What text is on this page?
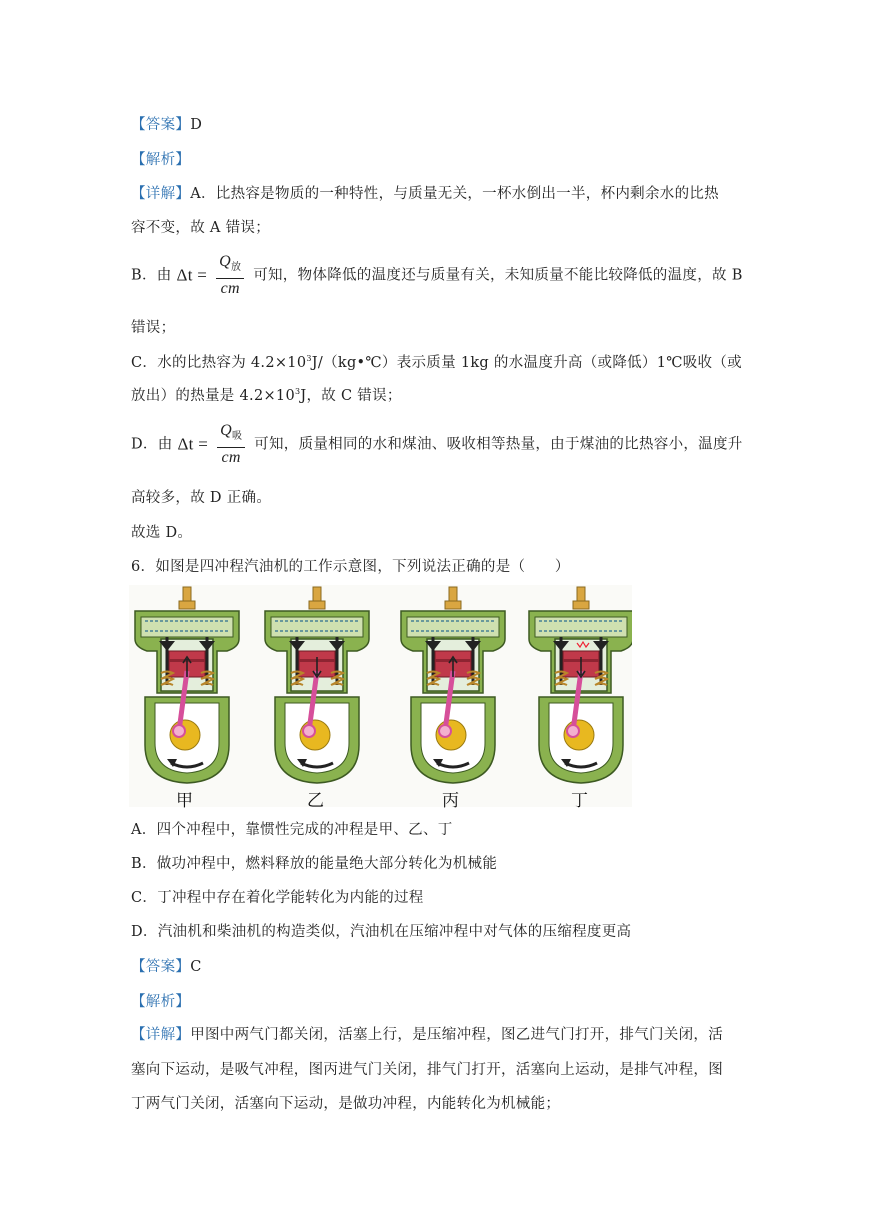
【答案】D
【解析】
【详解】A．比热容是物质的一种特性，与质量无关，一杯水倒出一半，杯内剩余水的比热
容不变，故 A 错误；
B．由 $\Delta t = \frac{Q_放}{cm}$ 可知，物体降低的温度还与质量有关，未知质量不能比较降低的温度，故 B
错误；
C．水的比热容为 $4.2\times 10^3J/(kg•℃)$表示质量 1kg 的水温度升高（或降低）1℃吸收（或
放出）的热量是 $4.2\times 10^3J$，故 C 错误；
D．由 $\Delta t = \frac{Q_吸}{cm}$ 可知，质量相同的水和煤油、吸收相等热量，由于煤油的比热容小，温度升
高较多，故 D 正确。
故选 D。
6．如图是四冲程汽油机的工作示意图，下列说法正确的是（　　）
甲	乙	丙	丁
A．四个冲程中，靠惯性完成的冲程是甲、乙、丁
B．做功冲程中，燃料释放的能量绝大部分转化为机械能
C．丁冲程中存在着化学能转化为内能的过程
D．汽油机和柴油机的构造类似，汽油机在压缩冲程中对气体的压缩程度更高
【答案】C
【解析】
【详解】甲图中两气门都关闭，活塞上行，是压缩冲程，图乙进气门打开，排气门关闭，活
塞向下运动，是吸气冲程，图丙进气门关闭，排气门打开，活塞向上运动，是排气冲程，图
丁两气门关闭，活塞向下运动，是做功冲程，内能转化为机械能；
